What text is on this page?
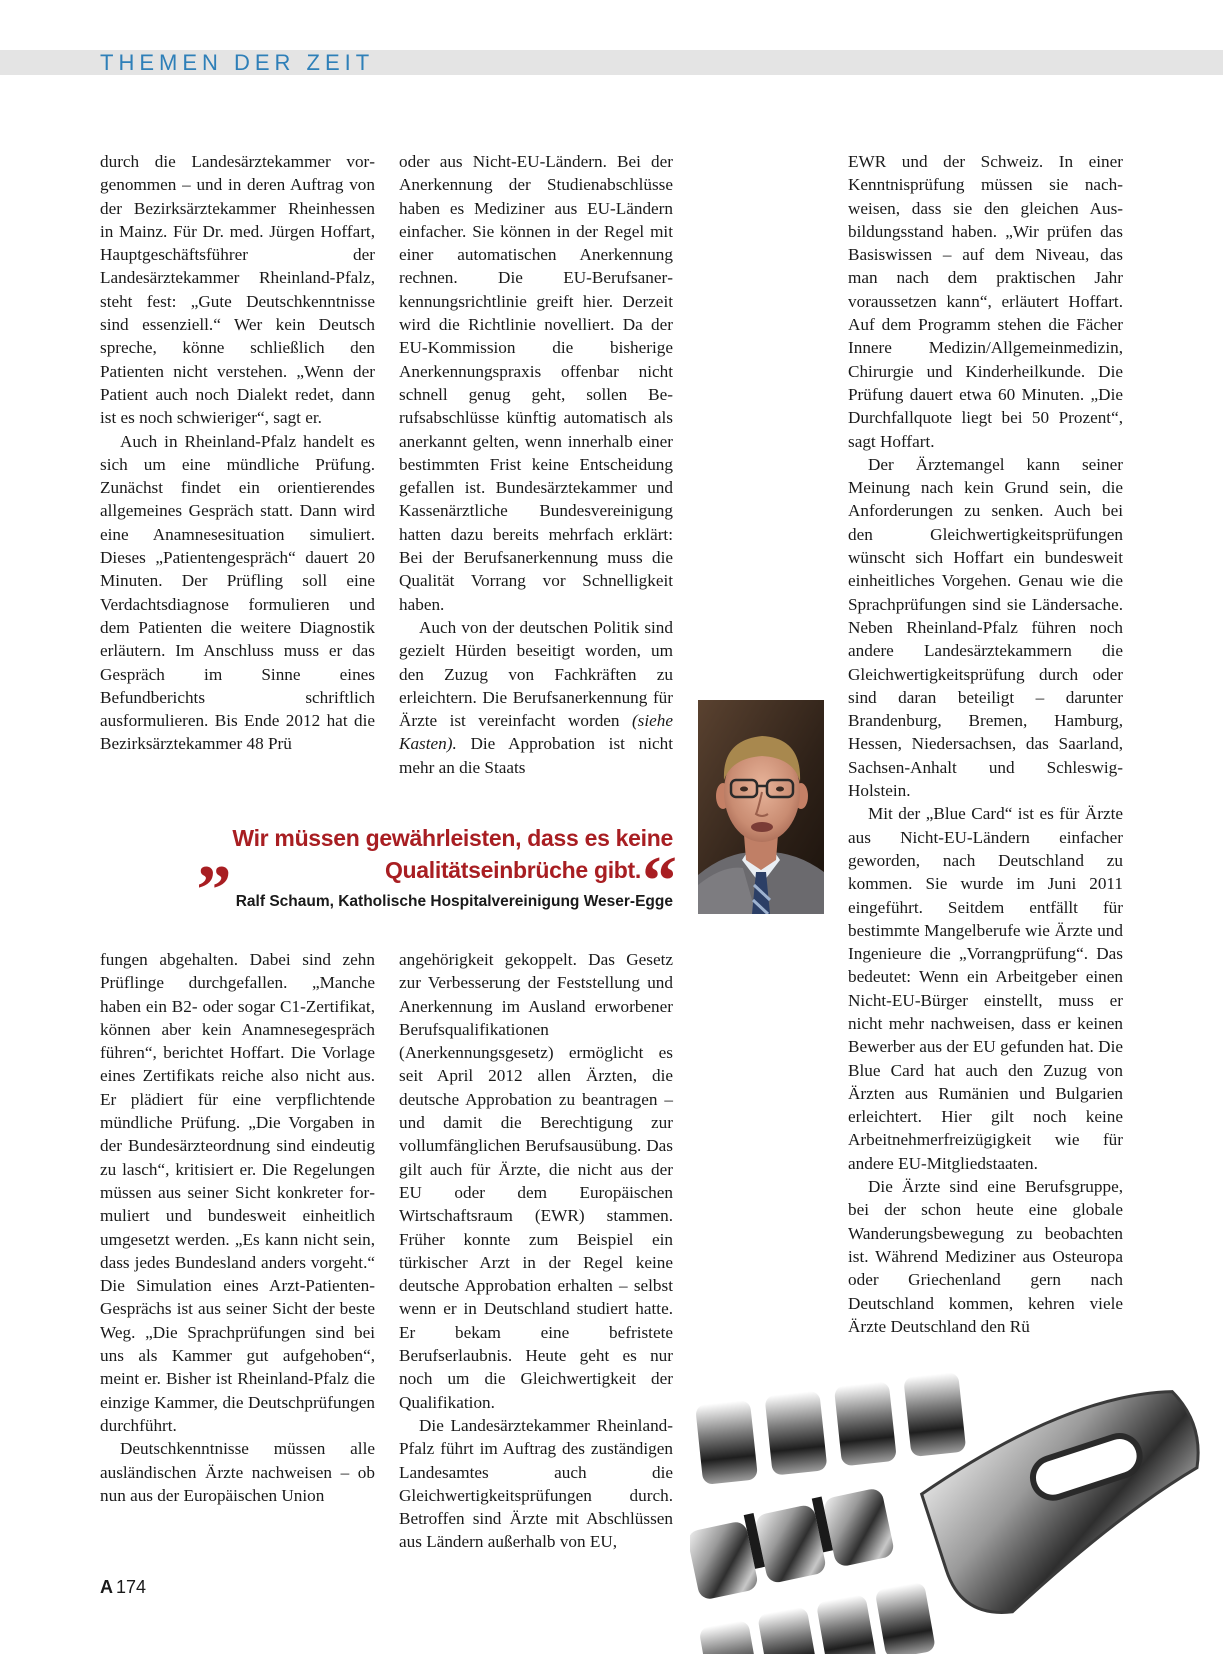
THEMEN DER ZEIT

durch die Landesärztekammer vorgenommen – und in deren Auftrag von der Bezirksärztekammer Rheinhessen in Mainz. Für Dr. med. Jürgen Hoffart, Hauptgeschäftsführer der Landesärztekammer Rheinland-Pfalz, steht fest: „Gute Deutschkenntnisse sind essenziell.“ Wer kein Deutsch spreche, könne schließlich den Patienten nicht verstehen. „Wenn der Patient auch noch Dialekt redet, dann ist es noch schwieriger“, sagt er.

Auch in Rheinland-Pfalz handelt es sich um eine mündliche Prüfung. Zunächst findet ein orientierendes allgemeines Gespräch statt. Dann wird eine Anamnesesituation simuliert. Dieses „Patientengespräch“ dauert 20 Minuten. Der Prüfling soll eine Verdachtsdiagnose formulieren und dem Patienten die weitere Diagnostik erläutern. Im Anschluss muss er das Gespräch im Sinne eines Befundberichts schriftlich ausformulieren. Bis Ende 2012 hat die Bezirksärztekammer 48 Prü

oder aus Nicht-EU-Ländern. Bei der Anerkennung der Studienabschlüsse haben es Mediziner aus EU-Ländern einfacher. Sie können in der Regel mit einer automatischen Anerkennung rechnen. Die EU-Berufsanerkennungsrichtlinie greift hier. Derzeit wird die Richtlinie novelliert. Da der EU-Kommission die bisherige Anerkennungspraxis offenbar nicht schnell genug geht, sollen Berufsabschlüsse künftig automatisch als anerkannt gelten, wenn innerhalb einer bestimmten Frist keine Entscheidung gefallen ist. Bundesärztekammer und Kassenärztliche Bundesvereinigung hatten dazu bereits mehrfach erklärt: Bei der Berufsanerkennung muss die Qualität Vorrang vor Schnelligkeit haben.

Auch von der deutschen Politik sind gezielt Hürden beseitigt worden, um den Zuzug von Fachkräften zu erleichtern. Die Berufsanerkennung für Ärzte ist vereinfacht worden (siehe Kasten). Die Approbation ist nicht mehr an die Staats

„ Wir müssen gewährleisten, dass es keine
Qualitätseinbrüche gibt. “
Ralf Schaum, Katholische Hospitalvereinigung Weser-Egge

fungen abgehalten. Dabei sind zehn Prüflinge durchgefallen. „Manche haben ein B2- oder sogar C1-Zertifikat, können aber kein Anamnesegespräch führen“, berichtet Hoffart. Die Vorlage eines Zertifikats reiche also nicht aus. Er plädiert für eine verpflichtende mündliche Prüfung. „Die Vorgaben in der Bundesärzteordnung sind eindeutig zu lasch“, kritisiert er. Die Regelungen müssen aus seiner Sicht konkreter formuliert und bundesweit einheitlich umgesetzt werden. „Es kann nicht sein, dass jedes Bundesland anders vorgeht.“ Die Simulation eines Arzt-Patienten-Gesprächs ist aus seiner Sicht der beste Weg. „Die Sprachprüfungen sind bei uns als Kammer gut aufgehoben“, meint er. Bisher ist Rheinland-Pfalz die einzige Kammer, die Deutschprüfungen durchführt.

Deutschkenntnisse müssen alle ausländischen Ärzte nachweisen – ob nun aus der Europäischen Union

angehörigkeit gekoppelt. Das Gesetz zur Verbesserung der Feststellung und Anerkennung im Ausland erworbener Berufsqualifikationen (Anerkennungsgesetz) ermöglicht es seit April 2012 allen Ärzten, die deutsche Approbation zu beantragen – und damit die Berechtigung zur vollumfänglichen Berufsausübung. Das gilt auch für Ärzte, die nicht aus der EU oder dem Europäischen Wirtschaftsraum (EWR) stammen. Früher konnte zum Beispiel ein türkischer Arzt in der Regel keine deutsche Approbation erhalten – selbst wenn er in Deutschland studiert hatte. Er bekam eine befristete Berufserlaubnis. Heute geht es nur noch um die Gleichwertigkeit der Qualifikation.

Die Landesärztekammer Rheinland-Pfalz führt im Auftrag des zuständigen Landesamtes auch die Gleichwertigkeitsprüfungen durch. Betroffen sind Ärzte mit Abschlüssen aus Ländern außerhalb von EU,

EWR und der Schweiz. In einer Kenntnisprüfung müssen sie nachweisen, dass sie den gleichen Ausbildungsstand haben. „Wir prüfen das Basiswissen – auf dem Niveau, das man nach dem praktischen Jahr voraussetzen kann“, erläutert Hoffart. Auf dem Programm stehen die Fächer Innere Medizin/Allgemeinmedizin, Chirurgie und Kinderheilkunde. Die Prüfung dauert etwa 60 Minuten. „Die Durchfallquote liegt bei 50 Prozent“, sagt Hoffart.

Der Ärztemangel kann seiner Meinung nach kein Grund sein, die Anforderungen zu senken. Auch bei den Gleichwertigkeitsprüfungen wünscht sich Hoffart ein bundesweit einheitliches Vorgehen. Genau wie die Sprachprüfungen sind sie Ländersache. Neben Rheinland-Pfalz führen noch andere Landesärztekammern die Gleichwertigkeitsprüfung durch oder sind daran beteiligt – darunter Brandenburg, Bremen, Hamburg, Hessen, Niedersachsen, das Saarland, Sachsen-Anhalt und Schleswig-Holstein.

Mit der „Blue Card“ ist es für Ärzte aus Nicht-EU-Ländern einfacher geworden, nach Deutschland zu kommen. Sie wurde im Juni 2011 eingeführt. Seitdem entfällt für bestimmte Mangelberufe wie Ärzte und Ingenieure die „Vorrangprüfung“. Das bedeutet: Wenn ein Arbeitgeber einen Nicht-EU-Bürger einstellt, muss er nicht mehr nachweisen, dass er keinen Bewerber aus der EU gefunden hat. Die Blue Card hat auch den Zuzug von Ärzten aus Rumänien und Bulgarien erleichtert. Hier gilt noch keine Arbeitnehmerfreizügigkeit wie für andere EU-Mitgliedstaaten.

Die Ärzte sind eine Berufsgruppe, bei der schon heute eine globale Wanderungsbewegung zu beobachten ist. Während Mediziner aus Osteuropa oder Griechenland gern nach Deutschland kommen, kehren viele Ärzte Deutschland den Rü

A 174
